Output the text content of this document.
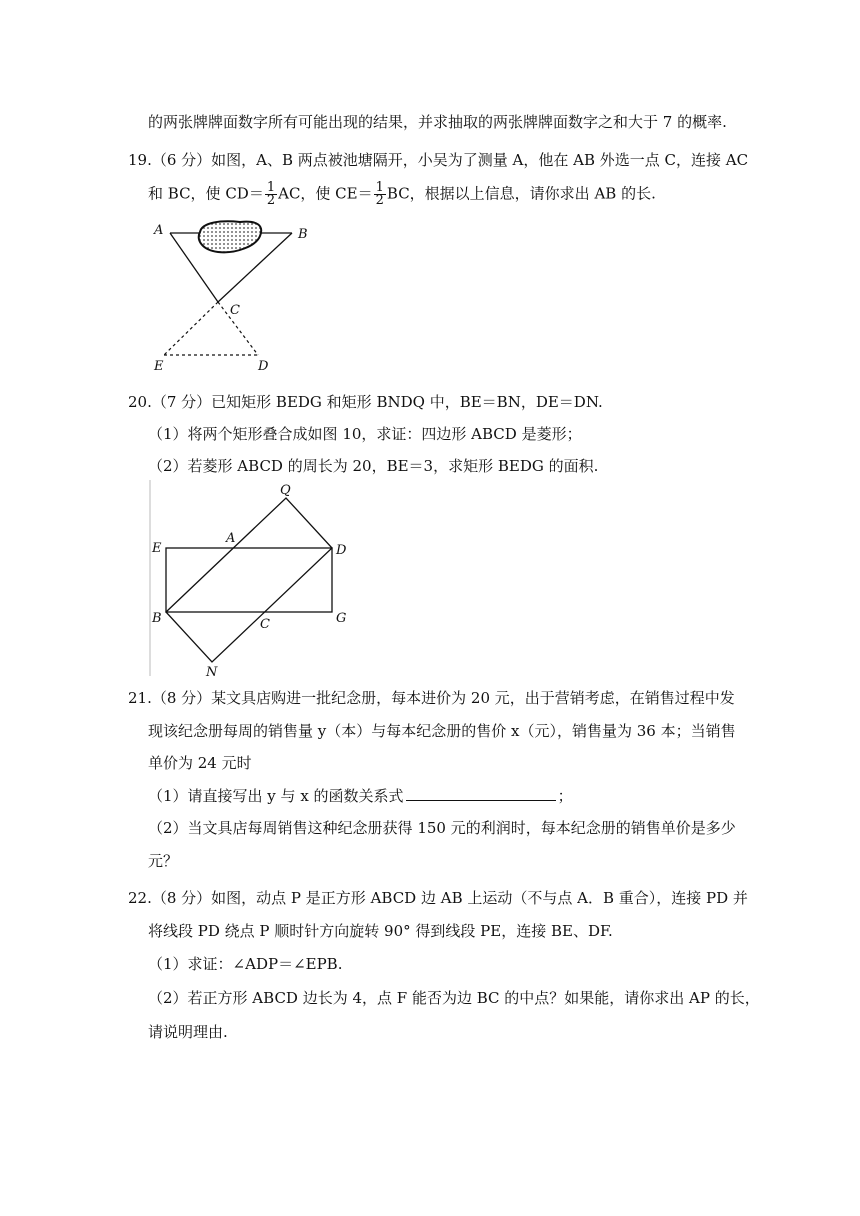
的两张牌牌面数字所有可能出现的结果，并求抽取的两张牌牌面数字之和大于 7 的概率.
19.（6 分）如图，A、B 两点被池塘隔开，小吴为了测量 A，他在 AB 外选一点 C，连接 AC
和 BC，使 $CD= \frac{1}{2}$ AC，使 $CE= \frac{1}{2}$ BC，根据以上信息，请你求出 AB 的长.
A	B
C
E	D
20.（7 分）已知矩形 BEDG 和矩形 BNDQ 中，BE＝BN，DE＝DN.
（1）将两个矩形叠合成如图 10，求证：四边形 ABCD 是菱形；
（2）若菱形 ABCD 的周长为 20，BE＝3，求矩形 BEDG 的面积.
Q
E
A
D
B	C	G
N
21.（8 分）某文具店购进一批纪念册，每本进价为 20 元，出于营销考虑，在销售过程中发
现该纪念册每周的销售量 y（本）与每本纪念册的售价 x（元），销售量为 36 本；当销售
单价为 24 元时
（1）请直接写出 y 与 x 的函数关系式	；
（2）当文具店每周销售这种纪念册获得 150 元的利润时，每本纪念册的销售单价是多少
元？
22.（8 分）如图，动点 P 是正方形 ABCD 边 AB 上运动（不与点 A．B 重合），连接 PD 并
将线段 PD 绕点 P 顺时针方向旋转 90° 得到线段 PE，连接 BE、DF.
（1）求证：∠ADP＝∠EPB.
（2）若正方形 ABCD 边长为 4，点 F 能否为边 BC 的中点？如果能，请你求出 AP 的长，
请说明理由.
